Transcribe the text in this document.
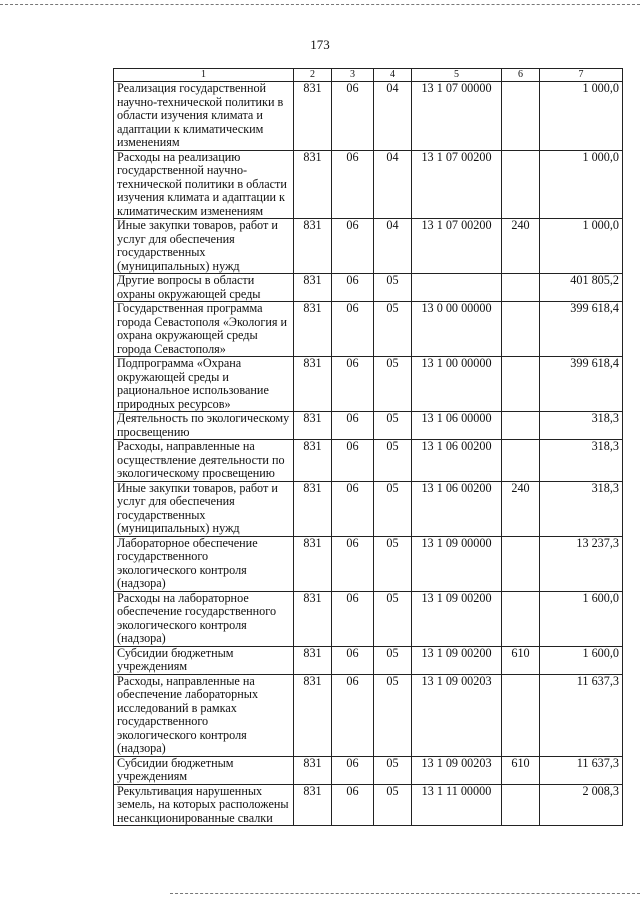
173
1	2	3	4	5	6	7
Реализация государственной научно-технической политики в области изучения климата и адаптации к климатическим изменениям	831	06	04	13 1 07 00000		1 000,0
Расходы на реализацию государственной научно-технической политики в области изучения климата и адаптации к климатическим изменениям	831	06	04	13 1 07 00200		1 000,0
Иные закупки товаров, работ и услуг для обеспечения государственных (муниципальных) нужд	831	06	04	13 1 07 00200	240	1 000,0
Другие вопросы в области охраны окружающей среды	831	06	05			401 805,2
Государственная программа города Севастополя «Экология и охрана окружающей среды города Севастополя»	831	06	05	13 0 00 00000		399 618,4
Подпрограмма «Охрана окружающей среды и рациональное использование природных ресурсов»	831	06	05	13 1 00 00000		399 618,4
Деятельность по экологическому просвещению	831	06	05	13 1 06 00000		318,3
Расходы, направленные на осуществление деятельности по экологическому просвещению	831	06	05	13 1 06 00200		318,3
Иные закупки товаров, работ и услуг для обеспечения государственных (муниципальных) нужд	831	06	05	13 1 06 00200	240	318,3
Лабораторное обеспечение государственного экологического контроля (надзора)	831	06	05	13 1 09 00000		13 237,3
Расходы на лабораторное обеспечение государственного экологического контроля (надзора)	831	06	05	13 1 09 00200		1 600,0
Субсидии бюджетным учреждениям	831	06	05	13 1 09 00200	610	1 600,0
Расходы, направленные на обеспечение лабораторных исследований в рамках государственного экологического контроля (надзора)	831	06	05	13 1 09 00203		11 637,3
Субсидии бюджетным учреждениям	831	06	05	13 1 09 00203	610	11 637,3
Рекультивация нарушенных земель, на которых расположены несанкционированные свалки	831	06	05	13 1 11 00000		2 008,3
